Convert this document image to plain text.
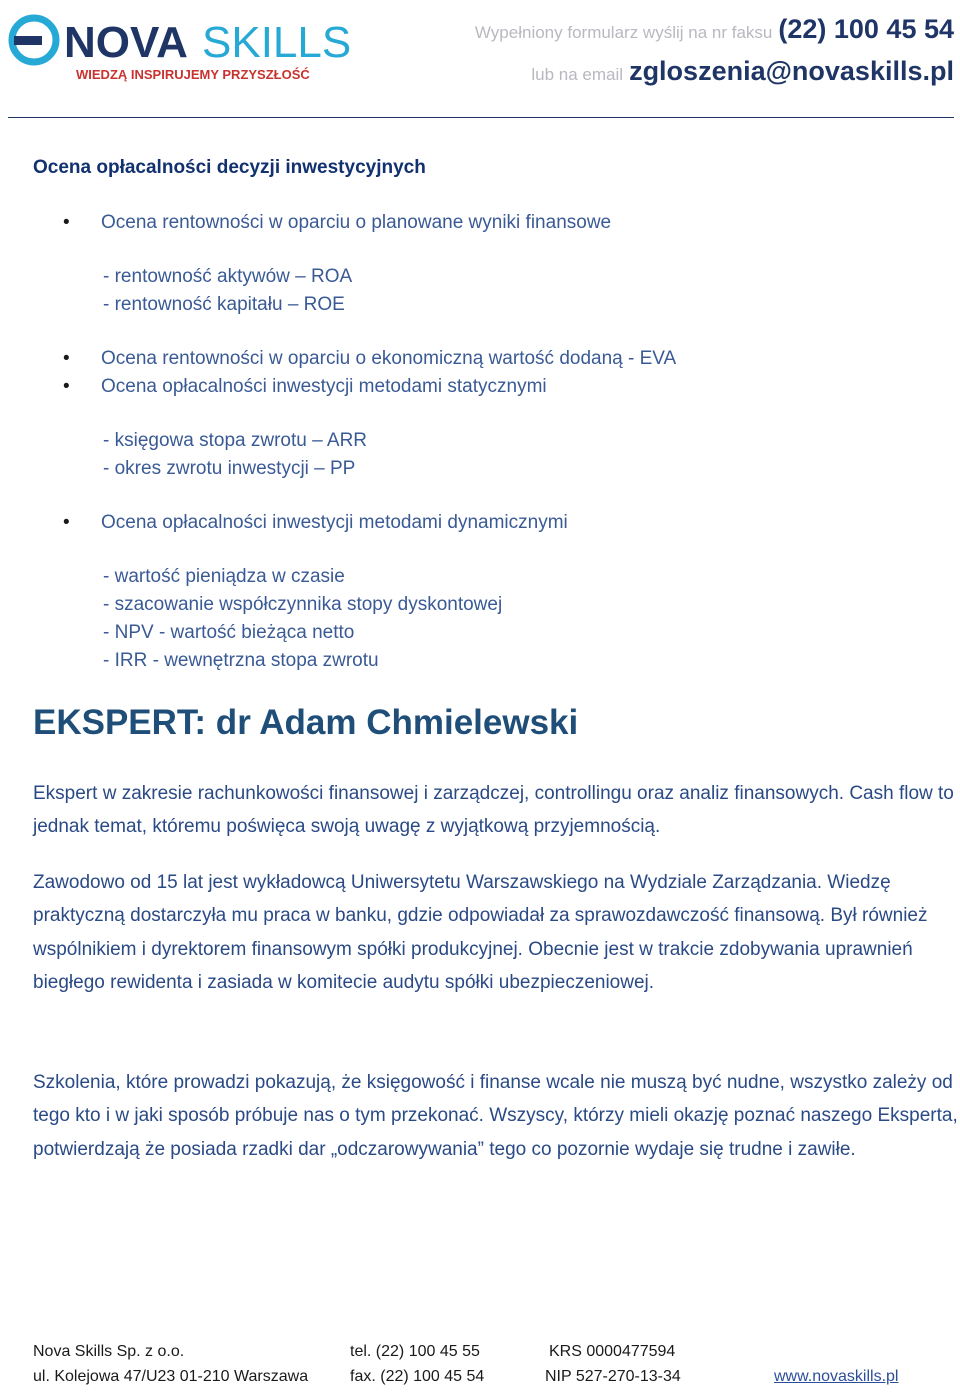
NOVA SKILLS
WIEDZĄ INSPIRUJEMY PRZYSZŁOŚĆ
Wypełniony formularz wyślij na nr faksu (22) 100 45 54
lub na email zgloszenia@novaskills.pl
Ocena opłacalności decyzji inwestycyjnych
Ocena rentowności w oparciu o planowane wyniki finansowe
- rentowność aktywów – ROA
- rentowność kapitału – ROE
Ocena rentowności w oparciu o ekonomiczną wartość dodaną - EVA
Ocena opłacalności inwestycji metodami statycznymi
- księgowa stopa zwrotu – ARR
- okres zwrotu inwestycji – PP
Ocena opłacalności inwestycji metodami dynamicznymi
- wartość pieniądza w czasie
- szacowanie współczynnika stopy dyskontowej
- NPV - wartość bieżąca netto
- IRR - wewnętrzna stopa zwrotu
EKSPERT: dr Adam Chmielewski
Ekspert w zakresie rachunkowości finansowej i zarządczej, controllingu oraz analiz finansowych. Cash flow to jednak temat, któremu poświęca swoją uwagę z wyjątkową przyjemnością.
Zawodowo od 15 lat jest wykładowcą Uniwersytetu Warszawskiego na Wydziale Zarządzania. Wiedzę praktyczną dostarczyła mu praca w banku, gdzie odpowiadał za sprawozdawczość finansową. Był również wspólnikiem i dyrektorem finansowym spółki produkcyjnej. Obecnie jest w trakcie zdobywania uprawnień biegłego rewidenta i zasiada w komitecie audytu spółki ubezpieczeniowej.
Szkolenia, które prowadzi pokazują, że księgowość i finanse wcale nie muszą być nudne, wszystko zależy od tego kto i w jaki sposób próbuje nas o tym przekonać. Wszyscy, którzy mieli okazję poznać naszego Eksperta, potwierdzają że posiada rzadki dar „odczarowywania” tego co pozornie wydaje się trudne i zawiłe.
Nova Skills Sp. z o.o.
ul. Kolejowa 47/U23 01-210 Warszawa
tel. (22) 100 45 55
fax. (22) 100 45 54
KRS 0000477594
NIP 527-270-13-34	www.novaskills.pl
